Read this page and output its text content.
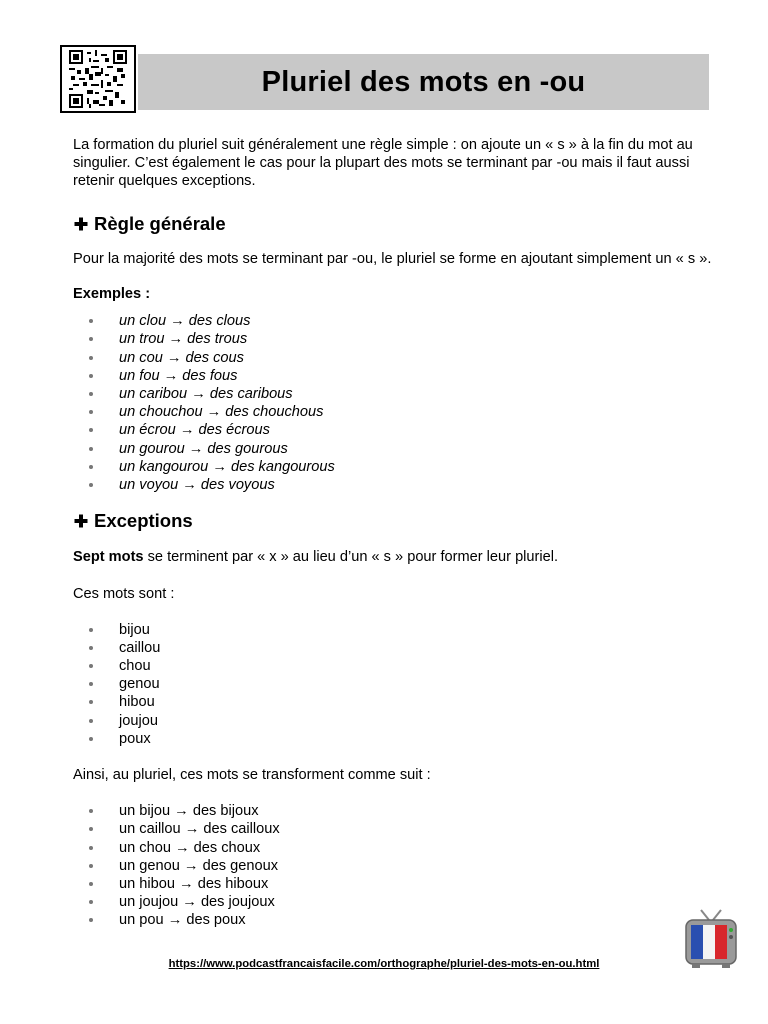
Pluriel des mots en -ou

La formation du pluriel suit généralement une règle simple : on ajoute un « s » à la fin du mot au singulier. C’est également le cas pour la plupart des mots se terminant par -ou mais il faut aussi retenir quelques exceptions.

Règle générale

Pour la majorité des mots se terminant par -ou, le pluriel se forme en ajoutant simplement un « s ».

Exemples :

un clou → des clous
un trou → des trous
un cou → des cous
un fou → des fous
un caribou → des caribous
un chouchou → des chouchous
un écrou → des écrous
un gourou → des gourous
un kangourou → des kangourous
un voyou → des voyous
Exceptions

Sept mots se terminent par « x » au lieu d’un « s » pour former leur pluriel.

Ces mots sont :

bijou
caillou
chou
genou
hibou
joujou
poux

Ainsi, au pluriel, ces mots se transforment comme suit :

un bijou → des bijoux
un caillou → des cailloux
un chou → des choux
un genou → des genoux
un hibou → des hiboux
un joujou → des joujoux
un pou → des poux
https://www.podcastfrancaisfacile.com/orthographe/pluriel-des-mots-en-ou.html
